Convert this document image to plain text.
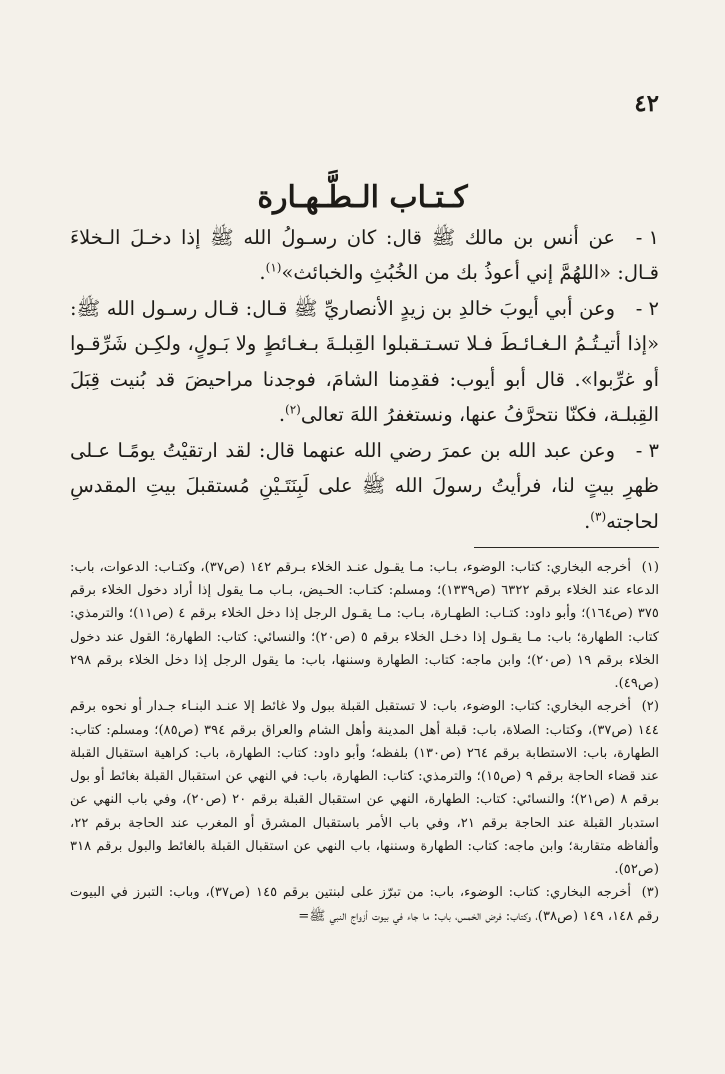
٤٢
كـتـاب الـطَّـهـارة

١ -عن أنس بن مالك ﷺ قال: كان رسـولُ الله ﷺ إذا دخـلَ الـخلاءَ قـال: «اللهُمَّ إني أعوذُ بك من الخُبُثِ والخبائث»$^{(١)}$.

٢ -وعن أبي أيوبَ خالدِ بن زيدٍ الأنصاريِّ ﷺ قـال: قـال رسـول الله ﷺ: «إذا أتيـتُـمُ الـغـائـطَ فـلا تسـتـقبلوا القِبلـةَ بـغـائطٍ ولا بَـولٍ، ولكِـن شَرِّقـوا أو غرِّبوا». قال أبو أيوب: فقدِمنا الشامَ، فوجدنا مراحيضَ قد بُنيت قِبَلَ القِبلـة، فكنّا نتحرَّفُ عنها، ونستغفرُ اللهَ تعالى$^{(٢)}$.

٣ -وعن عبد الله بن عمرَ رضي الله عنهما قال: لقد ارتقيْتُ يومًـا عـلى ظهرِ بيتٍ لنا، فرأيتُ رسولَ الله ﷺ على لَبِنَتَـيْنِ مُستقبلَ بيتِ المقدسِ لحاجته$^{(٣)}$.

(١)أخرجه البخاري: كتاب: الوضوء، بـاب: مـا يقـول عنـد الخلاء بـرقم ١٤٢ (ص٣٧)، وكتـاب: الدعوات، باب: الدعاء عند الخلاء برقم ٦٣٢٢ (ص١٣٣٩)؛ ومسلم: كتـاب: الحـيض، بـاب مـا يقول إذا أراد دخول الخلاء برقم ٣٧٥ (ص١٦٤)؛ وأبو داود: كتـاب: الطهـارة، بـاب: مـا يقـول الرجل إذا دخل الخلاء برقم ٤ (ص١١)؛ والترمذي: كتاب: الطهارة؛ باب: مـا يقـول إذا دخـل الخلاء برقم ٥ (ص٢٠)؛ والنسائي: كتاب: الطهارة؛ القول عند دخول الخلاء برقم ١٩ (ص٢٠)؛ وابن ماجه: كتاب: الطهارة وسننها، باب: ما يقول الرجل إذا دخل الخلاء برقم ٢٩٨ (ص٤٩).

(٢)أخرجه البخاري: كتاب: الوضوء، باب: لا تستقبل القبلة ببول ولا غائط إلا عنـد البنـاء جـدار أو نحوه برقم ١٤٤ (ص٣٧)، وكتاب: الصلاة، باب: قبلة أهل المدينة وأهل الشام والعراق برقم ٣٩٤ (ص٨٥)؛ ومسلم: كتاب: الطهارة، باب: الاستطابة برقم ٢٦٤ (ص١٣٠) بلفظه؛ وأبو داود: كتاب: الطهارة، باب: كراهية استقبال القبلة عند قضاء الحاجة برقم ٩ (ص١٥)؛ والترمذي: كتاب: الطهارة، باب: في النهي عن استقبال القبلة بغائط أو بول برقم ٨ (ص٢١)؛ والنسائي: كتاب: الطهارة، النهي عن استقبال القبلة برقم ٢٠ (ص٢٠)، وفي باب النهي عن استدبار القبلة عند الحاجة برقم ٢١، وفي باب الأمر باستقبال المشرق أو المغرب عند الحاجة برقم ٢٢، وألفاظه متقاربة؛ وابن ماجه: كتاب: الطهارة وسننها، باب النهي عن استقبال القبلة بالغائط والبول برقم ٣١٨ (ص٥٢).

(٣)أخرجه البخاري: كتاب: الوضوء، باب: من تبرّز على لبنتين برقم ١٤٥ (ص٣٧)، وباب: التبرز في البيوت رقم ١٤٨، ١٤٩ (ص٣٨)، وكتاب: فرض الخمس، باب: ما جاء في بيوت أزواج النبي ﷺ=
